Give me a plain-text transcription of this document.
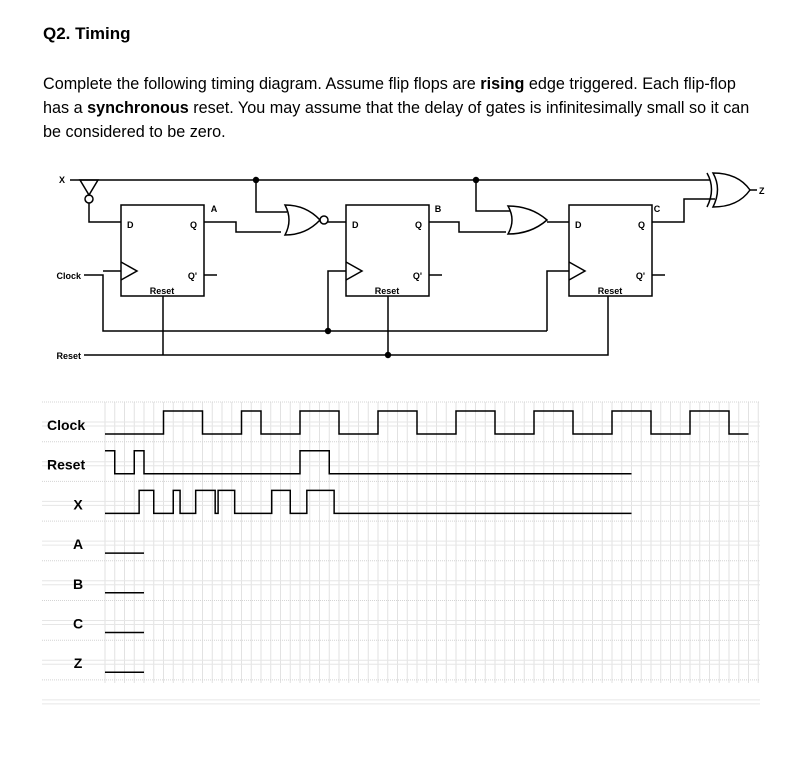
Q2. Timing

Complete the following timing diagram. Assume flip flops are rising edge triggered. Each flip-flop has a synchronous reset. You may assume that the delay of gates is infinitesimally small so it can be considered to be zero.

X
Z
Clock
Reset
D	Q
Q'
Reset
A
D	Q
Q'
Reset
B
D	Q
Q'
Reset
C
Clock
Reset
X
A
B
C
Z
